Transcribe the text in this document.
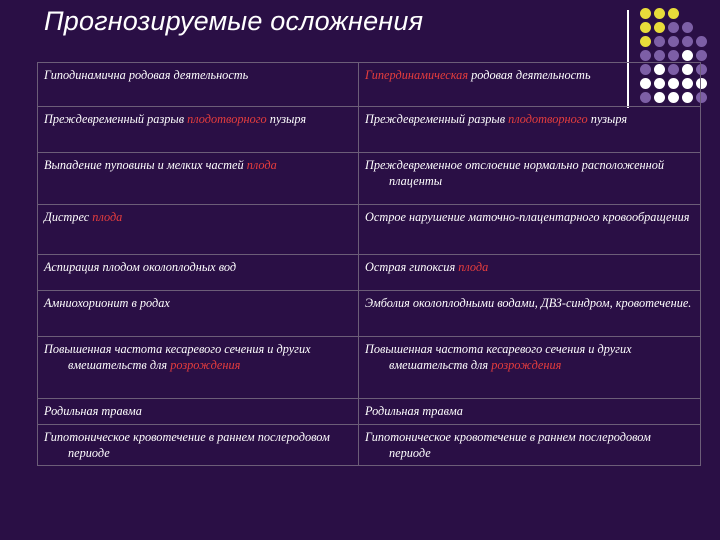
Прогнозируемые осложнения
Гиподинамична родовая деятельность	Гипердинамическая родовая деятельность

Преждевременный разрыв плодотворного пузыря	Преждевременный разрыв плодотворного пузыря

Выпадение пуповины и мелких частей плода	Преждевременное отслоение нормально расположенной плаценты

Дистрес плода	Острое нарушение маточно-плацентарного кровообращения

Аспирация плодом околоплодных вод	Острая гипоксия плода

Амниохорионит в родах	Эмболия околоплодными водами, ДВЗ-синдром, кровотечение.

Повышенная частота кесаревого сечения и других вмешательств для розрождения	Повышенная частота кесаревого сечения и других вмешательств для розрождения

Родильная травма	Родильная травма

Гипотоническое кровотечение в раннем послеродовом периоде	Гипотоническое кровотечение в раннем послеродовом периоде
